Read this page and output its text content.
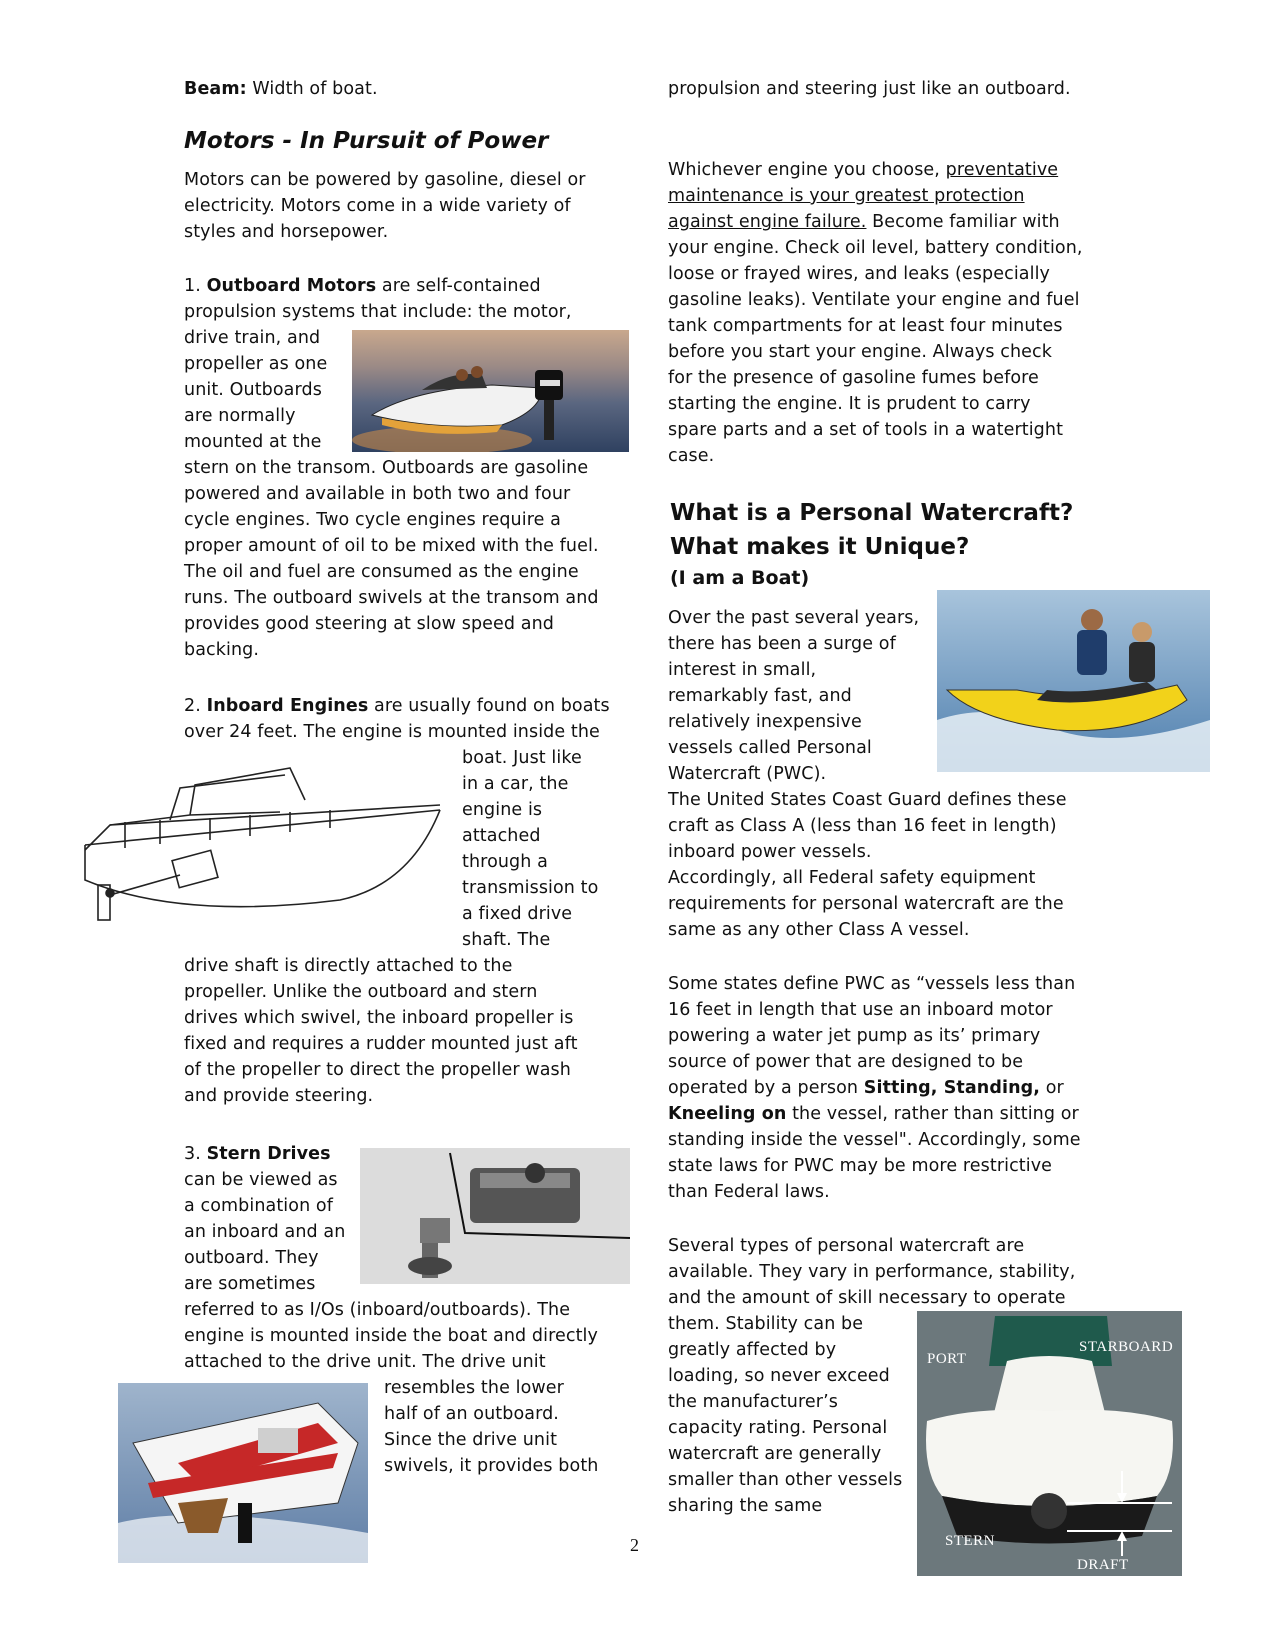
Beam: Width of boat.
Motors - In Pursuit of Power
Motors can be powered by gasoline, diesel or
electricity. Motors come in a wide variety of
styles and horsepower.
1. Outboard Motors are self-contained
propulsion systems that include: the motor,
drive train, and
propeller as one
unit. Outboards
are normally
mounted at the
stern on the transom. Outboards are gasoline
powered and available in both two and four
cycle engines. Two cycle engines require a
proper amount of oil to be mixed with the fuel.
The oil and fuel are consumed as the engine
runs. The outboard swivels at the transom and
provides good steering at slow speed and
backing.
2. Inboard Engines are usually found on boats
over 24 feet. The engine is mounted inside the
boat. Just like
in a car, the
engine is
attached
through a
transmission to
a fixed drive
shaft. The
drive shaft is directly attached to the
propeller. Unlike the outboard and stern
drives which swivel, the inboard propeller is
fixed and requires a rudder mounted just aft
of the propeller to direct the propeller wash
and provide steering.
3. Stern Drives
can be viewed as
a combination of
an inboard and an
outboard. They
are sometimes
referred to as I/Os (inboard/outboards). The
engine is mounted inside the boat and directly
attached to the drive unit. The drive unit
resembles the lower
half of an outboard.
Since the drive unit
swivels, it provides both
propulsion and steering just like an outboard.
Whichever engine you choose, preventative
maintenance is your greatest protection
against engine failure. Become familiar with
your engine. Check oil level, battery condition,
loose or frayed wires, and leaks (especially
gasoline leaks). Ventilate your engine and fuel
tank compartments for at least four minutes
before you start your engine. Always check
for the presence of gasoline fumes before
starting the engine. It is prudent to carry
spare parts and a set of tools in a watertight
case.
What is a Personal Watercraft?
What makes it Unique?
(I am a Boat)
Over the past several years,
there has been a surge of
interest in small,
remarkably fast, and
relatively inexpensive
vessels called Personal
Watercraft (PWC).
The United States Coast Guard defines these
craft as Class A (less than 16 feet in length)
inboard power vessels.
Accordingly, all Federal safety equipment
requirements for personal watercraft are the
same as any other Class A vessel.
Some states define PWC as “vessels less than
16 feet in length that use an inboard motor
powering a water jet pump as its’ primary
source of power that are designed to be
operated by a person Sitting, Standing, or
Kneeling on the vessel, rather than sitting or
standing inside the vessel". Accordingly, some
state laws for PWC may be more restrictive
than Federal laws.
Several types of personal watercraft are
available. They vary in performance, stability,
and the amount of skill necessary to operate
them. Stability can be
greatly affected by
loading, so never exceed
the manufacturer’s
capacity rating. Personal
watercraft are generally
smaller than other vessels
sharing the same
PORT
STARBOARD
STERN
DRAFT
2
